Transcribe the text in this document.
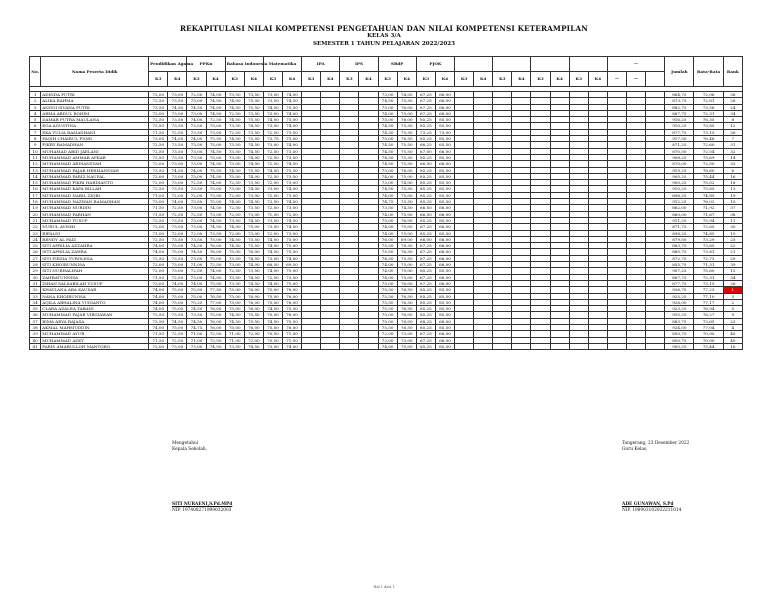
REKAPITULASI NILAI KOMPETENSI PENGETAHUAN DAN NILAI KOMPETENSI KETERAMPILAN
KELAS 3/A
SEMESTER 1 TAHUN PELAJARAN 2022/2023
No.	Nama Peserta Didik	Pendidikan Agama		PPKn		Bahasa Indonesia		Matematika		IPA		IPS		SBdP		PJOK										—			Jumlah	Rata-Rata	Rank
		K3	K4	K3	K4	K3	K4	K3	K4	K3	K4	K3	K4	K3	K4	K3	K4	K3	K4	K3	K4	K3	K4	K3	K4	—	—				

1	ADINDA PUTRI	72,00	73,00	72,50	74,00	73,50	73,50	73,00	74,00					73,00	74,00	67,25	66,00												864,75	72,06	36
2	ALIKA RAHMA	72,50	73,50	73,00	74,50	74,00	75,00	73,50	74,50					74,50	75,50	67,25	66,00												873,75	72,81	28
3	ANGGI SIVANA PUTRI	73,50	74,50	74,50	74,00	74,50	75,50	74,50	75,50					75,00	76,00	67,25	66,00												882,75	73,56	24
4	ARMA ABDUL ROHIM	72,00	73,00	73,00	74,50	72,50	73,50	73,00	74,00					74,00	75,00	67,25	66,00												867,75	72,31	34
5	DAMAR PUTRA MAULANA	72,50	73,50	74,00	72,50	74,50	75,50	74,00	75,00					75,00	76,00	85,25	85,50												916,25	76,35	8
6	EGA AGUSTINA	72,50	73,50	73,50	75,00	73,50	74,50	73,00	74,00					74,50	75,50	85,25	85,50												910,25	75,85	12
7	EKA YULIA RAMADHANI	71,50	72,50	73,50	73,00	72,50	73,50	72,50	73,50					74,50	75,50	73,25	73,00												877,75	73,15	26
8	FAQIH CHAIRUL FIQRI	73,00	74,00	74,00	75,50	74,50	75,50	73,75	75,00					75,00	76,50	85,25	85,50												917,50	76,46	7
9	FIKRY RAMADHAN	72,50	73,50	73,50	75,00	73,50	74,50	73,00	74,00					74,50	75,50	66,25	65,50												871,25	72,60	31
10	MUHAMAD ABID JAELANI	72,50	73,50	73,00	74,50	73,50	74,50	72,50	73,50					74,50	75,50	67,00	66,00												870,50	72,54	32
11	MUHAMMAD AMMAR AFKAR	72,50	73,50	73,50	75,00	73,00	74,00	72,50	73,50					74,50	75,50	85,25	85,50												908,25	75,69	14
12	MUHAMMAD ARDIANSYAH	72,00	73,00	73,00	74,50	73,00	74,00	72,50	74,50					74,50	75,50	66,50	66,00												870,00	72,50	33
13	MUHAMMAD FAJAR HERMANSYAH	73,50	74,50	74,00	75,50	74,50	75,50	74,50	75,50					75,00	76,00	85,25	85,50												919,25	76,60	6
14	MUHAMMAD FARIZ NAUFAL	72,00	73,00	73,00	74,50	75,00	74,00	72,50	73,50					74,00	75,00	85,25	85,50												905,25	75,44	16
15	MUHAMMAD FIKRI HARDIANTO	72,00	73,00	72,50	74,00	72,50	73,50	72,00	73,00					73,00	74,00	85,25	85,50												900,25	75,02	18
16	MUHAMMAD KAFA BILLAH	72,50	73,50	73,50	75,00	73,00	74,00	73,00	74,00					74,50	75,50	85,25	85,50												910,25	75,85	13
17	MUHAMMAD NABIL ZIQRI	71,00	72,00	72,00	73,50	72,00	73,00	72,00	73,00					74,00	75,00	85,25	85,50												898,25	74,85	19
18	MUHAMMAD NAZWAN RAMADHAN	73,00	74,00	73,50	75,00	74,00	74,50	73,50	74,50					74,75	75,50	85,25	85,50												912,25	76,02	10
19	MUHAMMAD NURDIN	71,50	72,50	73,00	74,50	72,50	73,50	72,00	73,00					73,50	74,50	66,50	66,00												862,00	71,92	37
20	MUHAMMAD PARHAN	71,50	72,50	72,50	73,50	72,00	73,00	71,50	72,50					74,00	75,00	66,50	66,00												860,00	71,67	38
21	MUHAMMAD YUSUP	72,50	73,50	73,00	74,50	73,50	74,50	73,50	74,50					75,00	76,00	85,25	85,50												911,25	75,94	11
22	NURUL AVISHI	72,00	73,00	73,00	74,50	74,00	75,00	73,50	74,50					74,00	75,00	67,25	66,00												871,75	72,65	30
23	RIFALDI	71,00	72,00	72,00	73,50	72,00	73,00	72,00	73,00					74,00	75,00	85,25	85,50												898,25	74,85	19
24	RENDY AL FAIZ	72,50	73,50	73,50	75,00	74,50	75,50	74,00	75,00					76,00	69,00	66,00	66,00												879,50	73,29	25
25	SITI APRILIA AZZAHRA	74,00	75,00	74,50	76,00	74,50	75,50	74,00	75,00					75,50	76,50	67,25	66,00												883,75	73,65	22
26	SITI APRILIA ZAHRA	74,00	75,00	74,50	76,00	75,00	76,00	74,50	75,50					75,50	76,50	67,25	66,00												885,75	73,81	21
27	SITI FIRZIA TUROLESA	72,50	73,50	73,50	75,00	73,50	74,50	73,00	74,00					74,50	75,50	67,25	66,00												872,75	72,73	29
28	SITI KHOIRUNNISA	72,00	73,00	71,00	72,50	73,00	74,00	68,50	69,50					74,00	75,00	67,25	66,00												855,75	71,31	39
29	SITI NURHALIPAH	72,00	73,00	72,50	74,00	72,50	73,50	74,00	75,00					74,00	75,00	85,25	85,50												907,25	75,60	15
30	ZAHRATUNNISA	71,50	72,50	73,00	74,50	73,50	74,50	72,50	73,50					74,00	75,00	67,25	66,00												867,75	72,31	34
31	ZIHAN SALSABILAH YUSUP	73,00	74,00	74,00	75,50	73,50	74,50	74,00	75,00					75,00	76,00	67,25	66,00												877,75	73,15	26
32	KHAYLANA ARA KAUSAR	74,00	75,00	75,50	77,50	75,00	76,00	75,00	76,00					75,50	76,50	85,25	85,50												926,75	77,23	1
33	NANA KHOIRUNISA	74,00	75,00	75,00	76,50	75,00	76,00	75,00	76,00					75,50	76,50	85,25	85,50												925,25	77,10	3
34	AQILA ABHALINA YUDIANTO	74,00	75,00	75,25	77,00	75,00	76,00	75,00	76,00					75,50	76,50	85,25	85,50												926,00	77,17	2
35	CLARA AZALEA TABANI	74,00	75,00	74,50	76,00	75,00	76,00	74,50	75,50					75,50	76,50	85,25	85,50												923,25	76,94	5
36	MUHAMMAD FAJAR VIRGIAWAN	72,50	73,50	73,50	75,00	74,50	75,50	75,00	76,00					75,00	76,00	85,25	85,50												915,25	76,27	9
37	BIMA ARYA RAJASA	73,50	74,50	74,50	76,00	74,50	75,50	74,50	75,50					75,00	76,00	68,25	66,00												883,75	73,65	23
38	AKMAL MAHMUDDIN	74,00	75,00	74,75	76,00	75,00	76,00	75,00	76,00					75,50	76,50	85,25	85,50												924,50	77,04	4
39	MUHAMMAD AYUB	71,50	72,50	71,00	72,50	71,00	72,00	70,50	71,50					72,00	73,00	67,25	66,00												850,75	70,90	40
40	MUHAMMAD AZKY	71,50	72,50	71,00	72,50	71,00	72,00	70,50	71,50					72,00	73,00	67,25	66,00												850,75	70,90	40
41	FARIS AMARULLOH MANTORO	72,00	73,00	73,00	74,50	73,50	74,50	73,00	74,00					74,00	75,00	85,25	85,50												905,25	75,44	16
Mengetahui
Kepala Sekolah,
SITI NURAENI,S.Pd.MPd
NIP. 197408271999032003
Tangerang, 23 Desember 2022
Guru Kelas,
ADE GUNAWAN, S.Pd
NIP. 198903102022211014
Hal 1 dari 1
